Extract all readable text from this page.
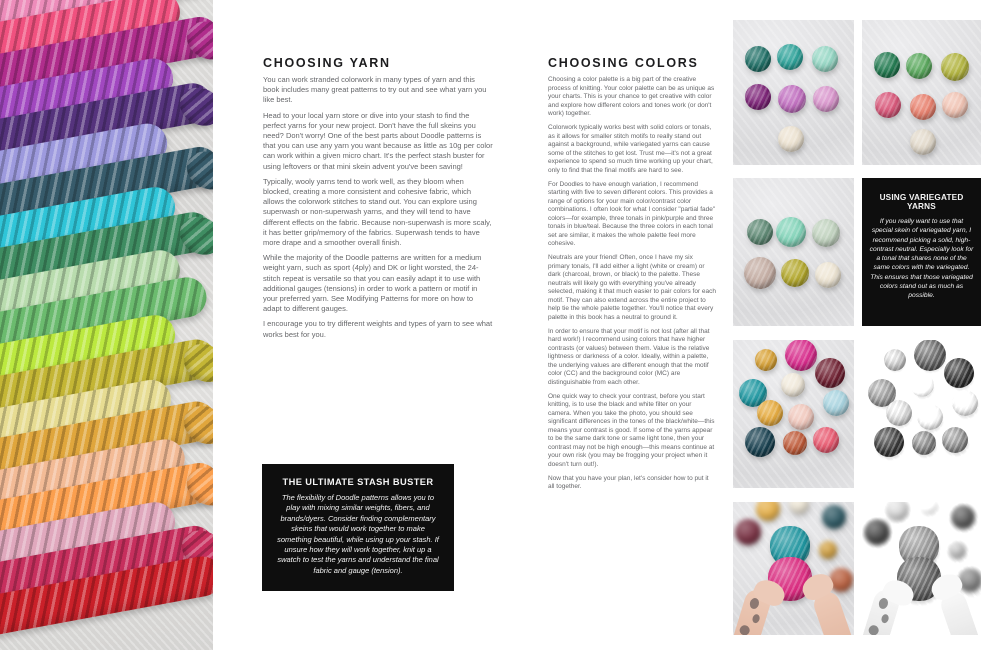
CHOOSING YARN

You can work stranded colorwork in many types of yarn and this book includes many great patterns to try out and see what yarn you like best.

Head to your local yarn store or dive into your stash to find the perfect yarns for your new project. Don't have the full skeins you need? Don't worry! One of the best parts about Doodle patterns is that you can use any yarn you want because as little as 10g per color can work within a given micro chart. It's the perfect stash buster for using leftovers or that mini skein advent you've been saving!

Typically, wooly yarns tend to work well, as they bloom when blocked, creating a more consistent and cohesive fabric, which allows the colorwork stitches to stand out. You can explore using superwash or non-superwash yarns, and they will tend to have different effects on the fabric. Because non-superwash is more scaly, it has better grip/memory of the fabrics. Superwash tends to have more drape and a smoother overall finish.

While the majority of the Doodle patterns are written for a medium weight yarn, such as sport (4ply) and DK or light worsted, the 24-stitch repeat is versatile so that you can easily adapt it to use with additional gauges (tensions) in order to work a pattern or motif in your preferred yarn. See Modifying Patterns for more on how to adapt to different gauges.

I encourage you to try different weights and types of yarn to see what works best for you.

THE ULTIMATE STASH BUSTER

The flexibility of Doodle patterns allows you to play with mixing similar weights, fibers, and brands/dyers. Consider finding complementary skeins that would work together to make something beautiful, while using up your stash. If unsure how they will work together, knit up a swatch to test the yarns and understand the final fabric and gauge (tension).

CHOOSING COLORS

Choosing a color palette is a big part of the creative process of knitting. Your color palette can be as unique as your charts. This is your chance to get creative with color and explore how different colors and tones work (or don't work) together.

Colorwork typically works best with solid colors or tonals, as it allows for smaller stitch motifs to really stand out against a background, while variegated yarns can cause some of the stitches to get lost. Trust me—it's not a great experience to spend so much time working up your chart, only to find that the final motifs are hard to see.

For Doodles to have enough variation, I recommend starting with five to seven different colors. This provides a range of options for your main color/contrast color combinations. I often look for what I consider "partial fade" colors—for example, three tonals in pink/purple and three tonals in blue/teal. Because the three colors in each tonal set are similar, it makes the whole palette feel more cohesive.

Neutrals are your friend! Often, once I have my six primary tonals, I'll add either a light (white or cream) or dark (charcoal, brown, or black) to the palette. These neutrals will likely go with everything you've already selected, making it that much easier to pair colors for each motif. They can also extend across the entire project to help tie the whole palette together. You'll notice that every palette in this book has a neutral to ground it.

In order to ensure that your motif is not lost (after all that hard work!) I recommend using colors that have higher contrasts (or values) between them. Value is the relative lightness or darkness of a color. Ideally, within a palette, the underlying values are different enough that the motif color (CC) and the background color (MC) are distinguishable from each other.

One quick way to check your contrast, before you start knitting, is to use the black and white filter on your camera. When you take the photo, you should see significant differences in the tones of the black/white—this means your contrast is good. If some of the yarns appear to be the same dark tone or same light tone, then your contrast may not be high enough—this means continue at your own risk (you may be frogging your project when it doesn't turn out!).

Now that you have your plan, let's consider how to put it all together.

USING VARIEGATED YARNS

If you really want to use that special skein of variegated yarn, I recommend picking a solid, high-contrast neutral. Especially look for a tonal that shares none of the same colors with the variegated. This ensures that those variegated colors stand out as much as possible.
